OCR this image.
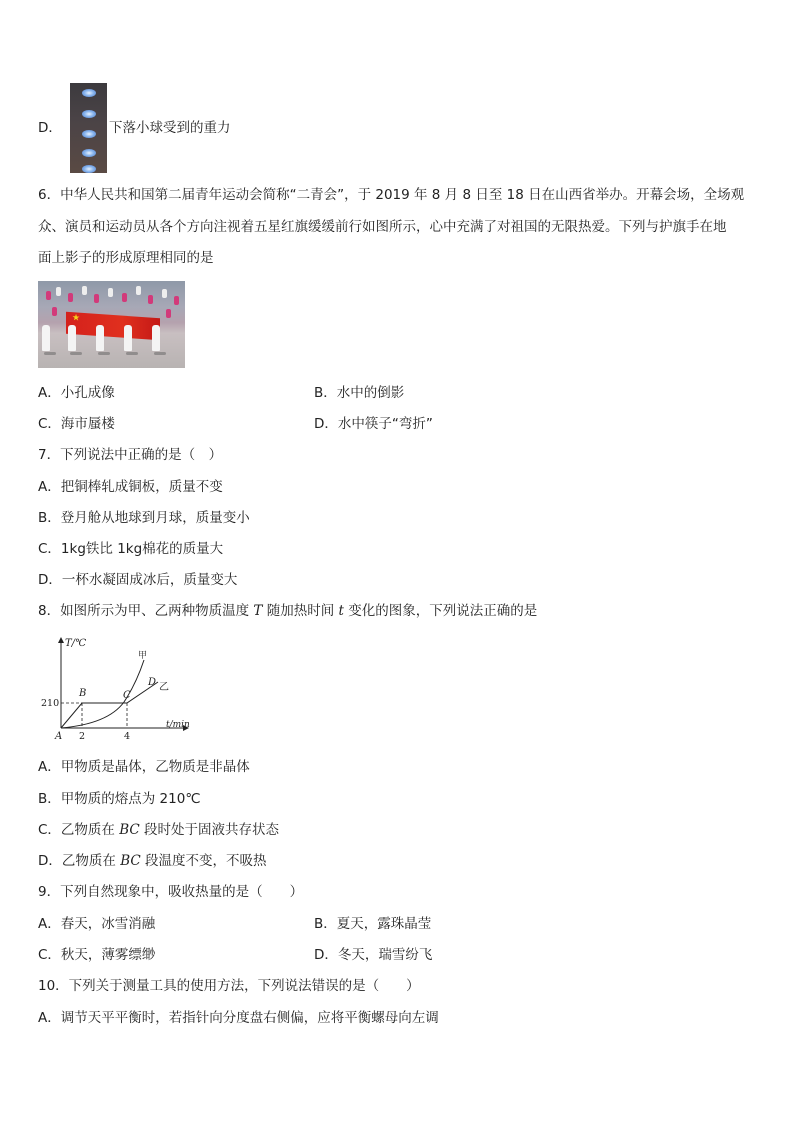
D．	下落小球受到的重力
6．中华人民共和国第二届青年运动会简称“二青会”，于 2019 年 8 月 8 日至 18 日在山西省举办。开幕会场，全场观
众、演员和运动员从各个方向注视着五星红旗缓缓前行如图所示，心中充满了对祖国的无限热爱。下列与护旗手在地
面上影子的形成原理相同的是
★
A．小孔成像	B．水中的倒影
C．海市蜃楼	D．水中筷子“弯折”
7．下列说法中正确的是（　）
A．把铜棒轧成铜板，质量不变
B．登月舱从地球到月球，质量变小
C．1kg铁比 1kg棉花的质量大
D．一杯水凝固成冰后，质量变大
8．如图所示为甲、乙两种物质温度 T 随加热时间 t 变化的图象，下列说法正确的是
T/℃
t/min
210
2	4
A
B	C
D
甲
乙
A．甲物质是晶体，乙物质是非晶体
B．甲物质的熔点为 210℃
C．乙物质在 BC 段时处于固液共存状态
D．乙物质在 BC 段温度不变，不吸热
9．下列自然现象中，吸收热量的是（　　）
A．春天，冰雪消融	B．夏天，露珠晶莹
C．秋天，薄雾缥缈	D．冬天，瑞雪纷飞
10．下列关于测量工具的使用方法，下列说法错误的是（　　）
A．调节天平平衡时，若指针向分度盘右侧偏，应将平衡螺母向左调
